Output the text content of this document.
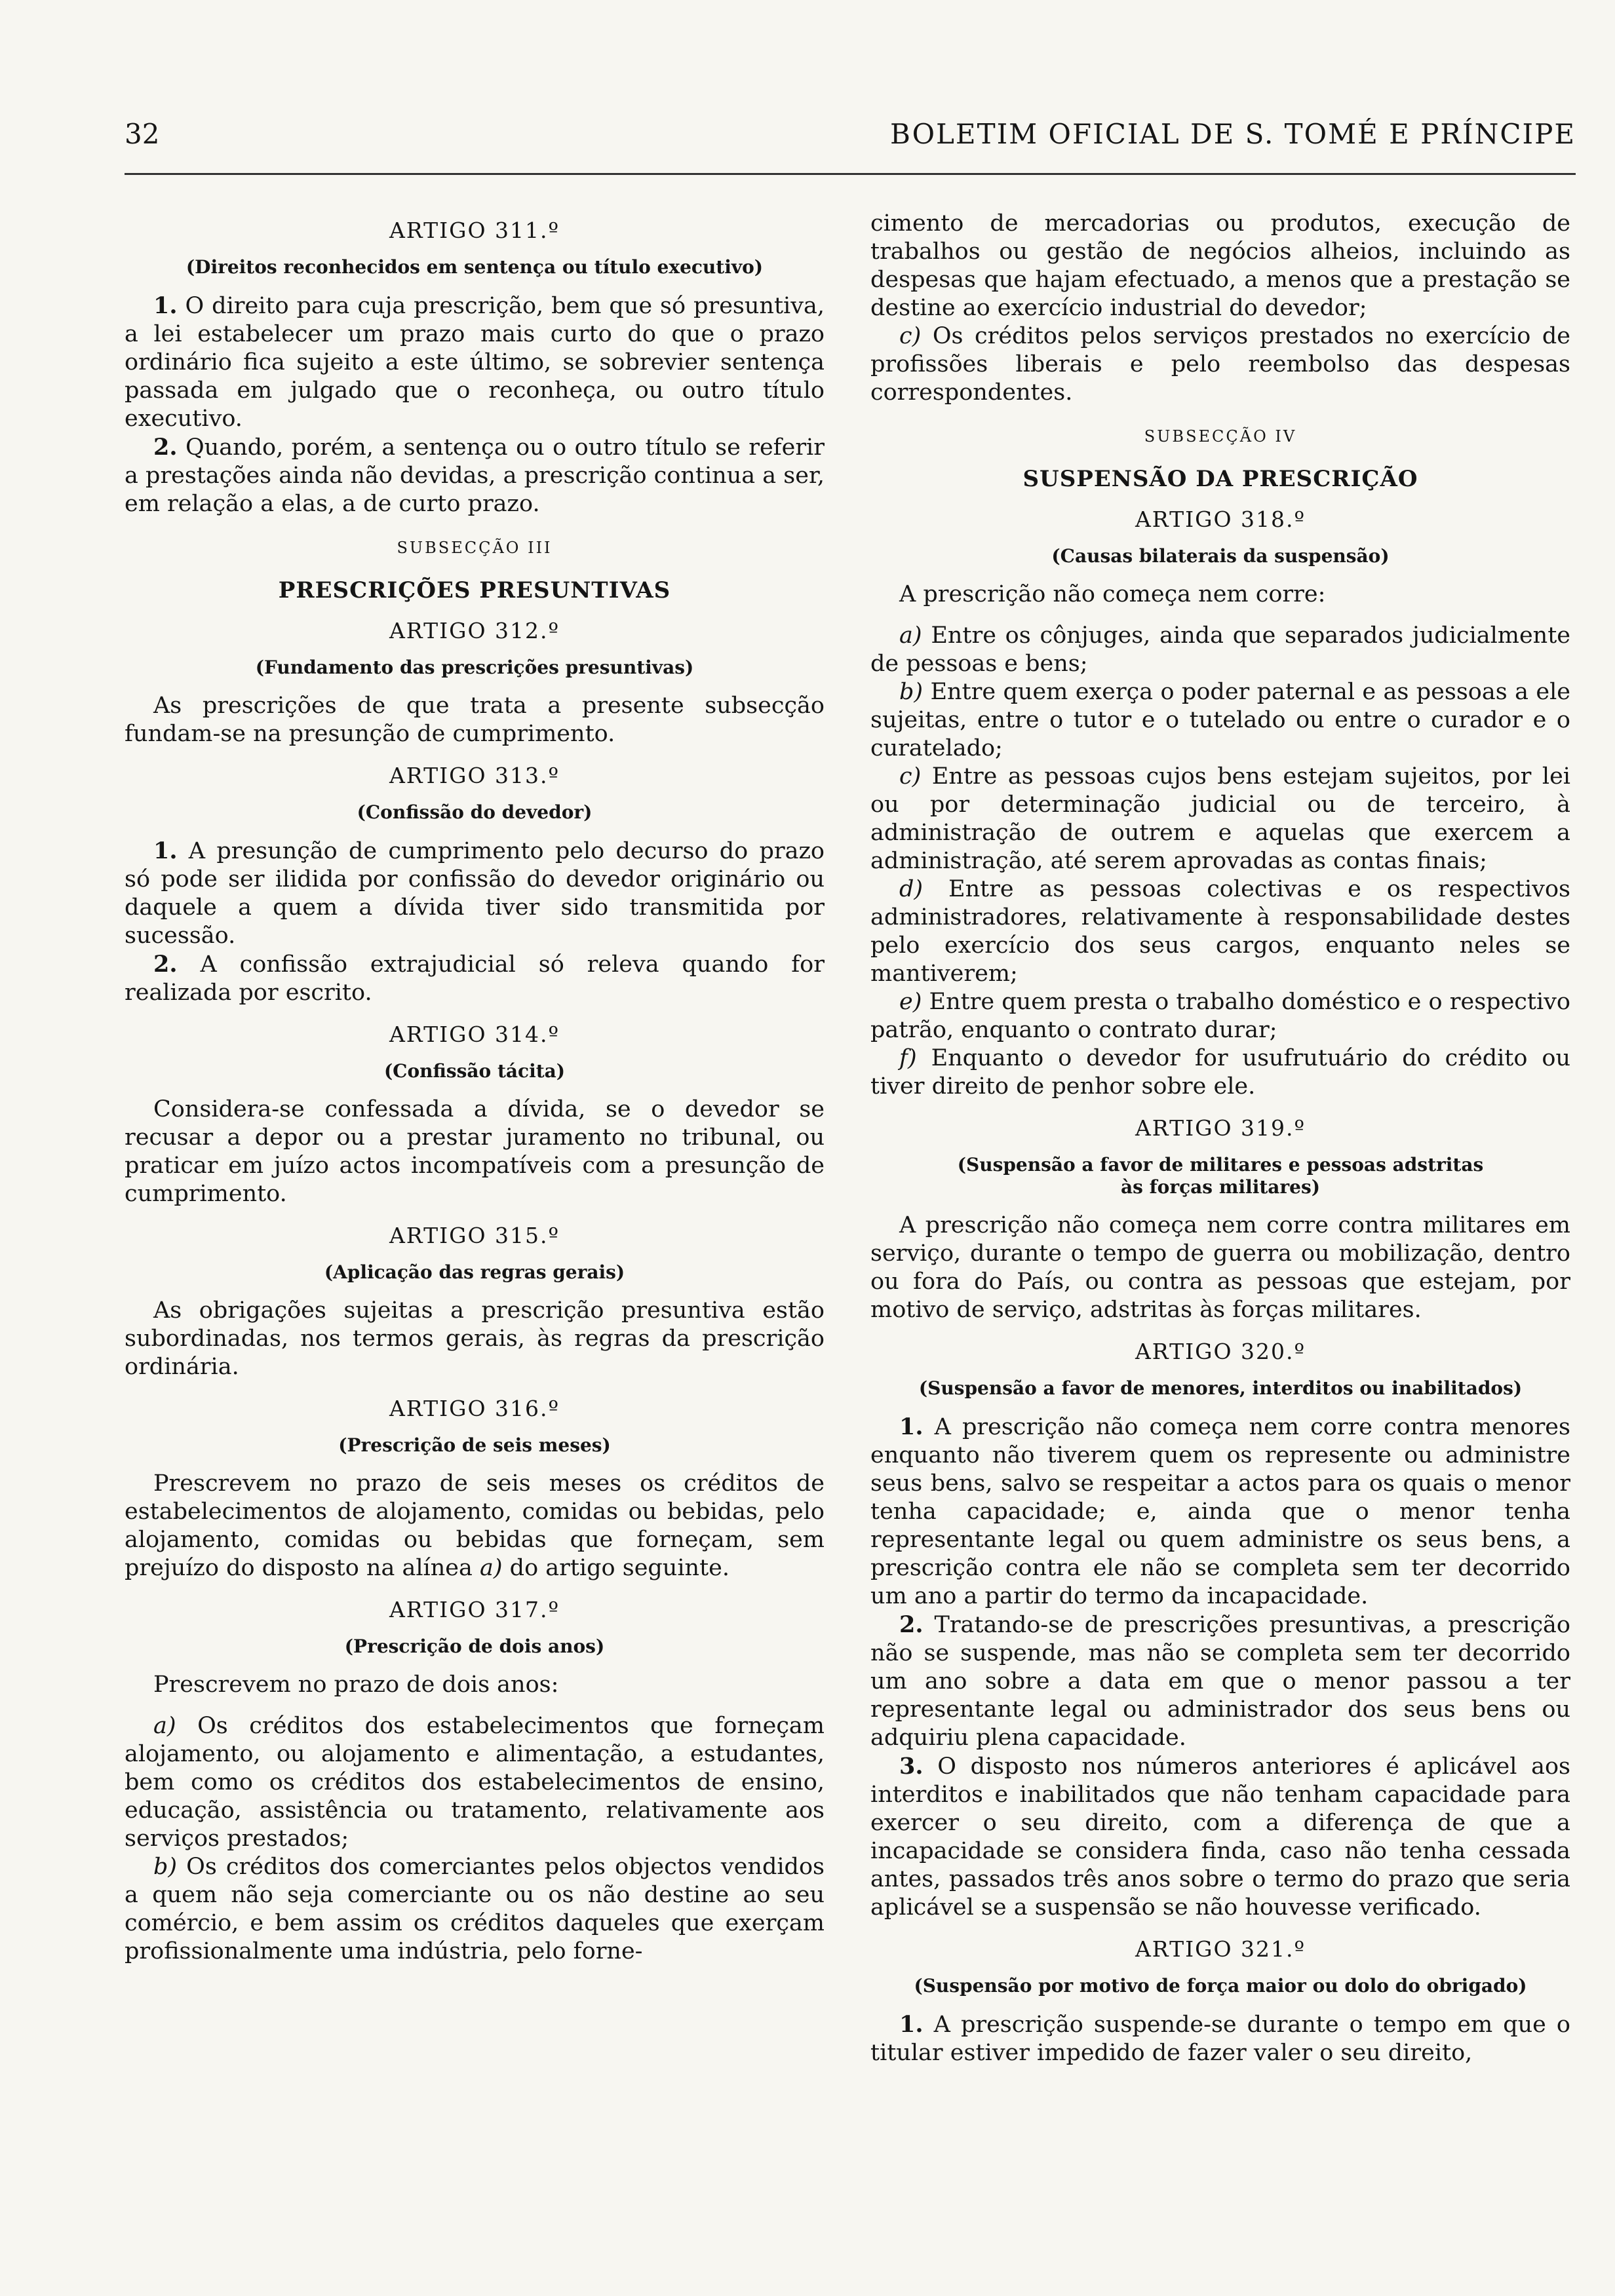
32	BOLETIM OFICIAL DE S. TOMÉ E PRÍNCIPE
ARTIGO 311.º
(Direitos reconhecidos em sentença ou título executivo)

1. O direito para cuja prescrição, bem que só presuntiva, a lei estabelecer um prazo mais curto do que o prazo ordinário fica sujeito a este último, se sobrevier sentença passada em julgado que o reconheça, ou outro título executivo.

2. Quando, porém, a sentença ou o outro título se referir a prestações ainda não devidas, a prescrição continua a ser, em relação a elas, a de curto prazo.

SUBSECÇÃO III
PRESCRIÇÕES PRESUNTIVAS
ARTIGO 312.º
(Fundamento das prescrições presuntivas)

As prescrições de que trata a presente subsecção fundam-se na presunção de cumprimento.

ARTIGO 313.º
(Confissão do devedor)

1. A presunção de cumprimento pelo decurso do prazo só pode ser ilidida por confissão do devedor originário ou daquele a quem a dívida tiver sido transmitida por sucessão.

2. A confissão extrajudicial só releva quando for realizada por escrito.

ARTIGO 314.º
(Confissão tácita)

Considera-se confessada a dívida, se o devedor se recusar a depor ou a prestar juramento no tribunal, ou praticar em juízo actos incompatíveis com a presunção de cumprimento.

ARTIGO 315.º
(Aplicação das regras gerais)

As obrigações sujeitas a prescrição presuntiva estão subordinadas, nos termos gerais, às regras da prescrição ordinária.

ARTIGO 316.º
(Prescrição de seis meses)

Prescrevem no prazo de seis meses os créditos de estabelecimentos de alojamento, comidas ou bebidas, pelo alojamento, comidas ou bebidas que forneçam, sem prejuízo do disposto na alínea a) do artigo seguinte.

ARTIGO 317.º
(Prescrição de dois anos)

Prescrevem no prazo de dois anos:

a) Os créditos dos estabelecimentos que forneçam alojamento, ou alojamento e alimentação, a estudantes, bem como os créditos dos estabelecimentos de ensino, educação, assistência ou tratamento, relativamente aos serviços prestados;

b) Os créditos dos comerciantes pelos objectos vendidos a quem não seja comerciante ou os não destine ao seu comércio, e bem assim os créditos daqueles que exerçam profissionalmente uma indústria, pelo forne-

cimento de mercadorias ou produtos, execução de trabalhos ou gestão de negócios alheios, incluindo as despesas que hajam efectuado, a menos que a prestação se destine ao exercício industrial do devedor;

c) Os créditos pelos serviços prestados no exercício de profissões liberais e pelo reembolso das despesas correspondentes.

SUBSECÇÃO IV
SUSPENSÃO DA PRESCRIÇÃO
ARTIGO 318.º
(Causas bilaterais da suspensão)

A prescrição não começa nem corre:

a) Entre os cônjuges, ainda que separados judicialmente de pessoas e bens;

b) Entre quem exerça o poder paternal e as pessoas a ele sujeitas, entre o tutor e o tutelado ou entre o curador e o curatelado;

c) Entre as pessoas cujos bens estejam sujeitos, por lei ou por determinação judicial ou de terceiro, à administração de outrem e aquelas que exercem a administração, até serem aprovadas as contas finais;

d) Entre as pessoas colectivas e os respectivos administradores, relativamente à responsabilidade destes pelo exercício dos seus cargos, enquanto neles se mantiverem;

e) Entre quem presta o trabalho doméstico e o respectivo patrão, enquanto o contrato durar;

f) Enquanto o devedor for usufrutuário do crédito ou tiver direito de penhor sobre ele.

ARTIGO 319.º
(Suspensão a favor de militares e pessoas adstritas
às forças militares)

A prescrição não começa nem corre contra militares em serviço, durante o tempo de guerra ou mobilização, dentro ou fora do País, ou contra as pessoas que estejam, por motivo de serviço, adstritas às forças militares.

ARTIGO 320.º
(Suspensão a favor de menores, interditos ou inabilitados)

1. A prescrição não começa nem corre contra menores enquanto não tiverem quem os represente ou administre seus bens, salvo se respeitar a actos para os quais o menor tenha capacidade; e, ainda que o menor tenha representante legal ou quem administre os seus bens, a prescrição contra ele não se completa sem ter decorrido um ano a partir do termo da incapacidade.

2. Tratando-se de prescrições presuntivas, a prescrição não se suspende, mas não se completa sem ter decorrido um ano sobre a data em que o menor passou a ter representante legal ou administrador dos seus bens ou adquiriu plena capacidade.

3. O disposto nos números anteriores é aplicável aos interditos e inabilitados que não tenham capacidade para exercer o seu direito, com a diferença de que a incapacidade se considera finda, caso não tenha cessada antes, passados três anos sobre o termo do prazo que seria aplicável se a suspensão se não houvesse verificado.

ARTIGO 321.º
(Suspensão por motivo de força maior ou dolo do obrigado)

1. A prescrição suspende-se durante o tempo em que o titular estiver impedido de fazer valer o seu direito,
